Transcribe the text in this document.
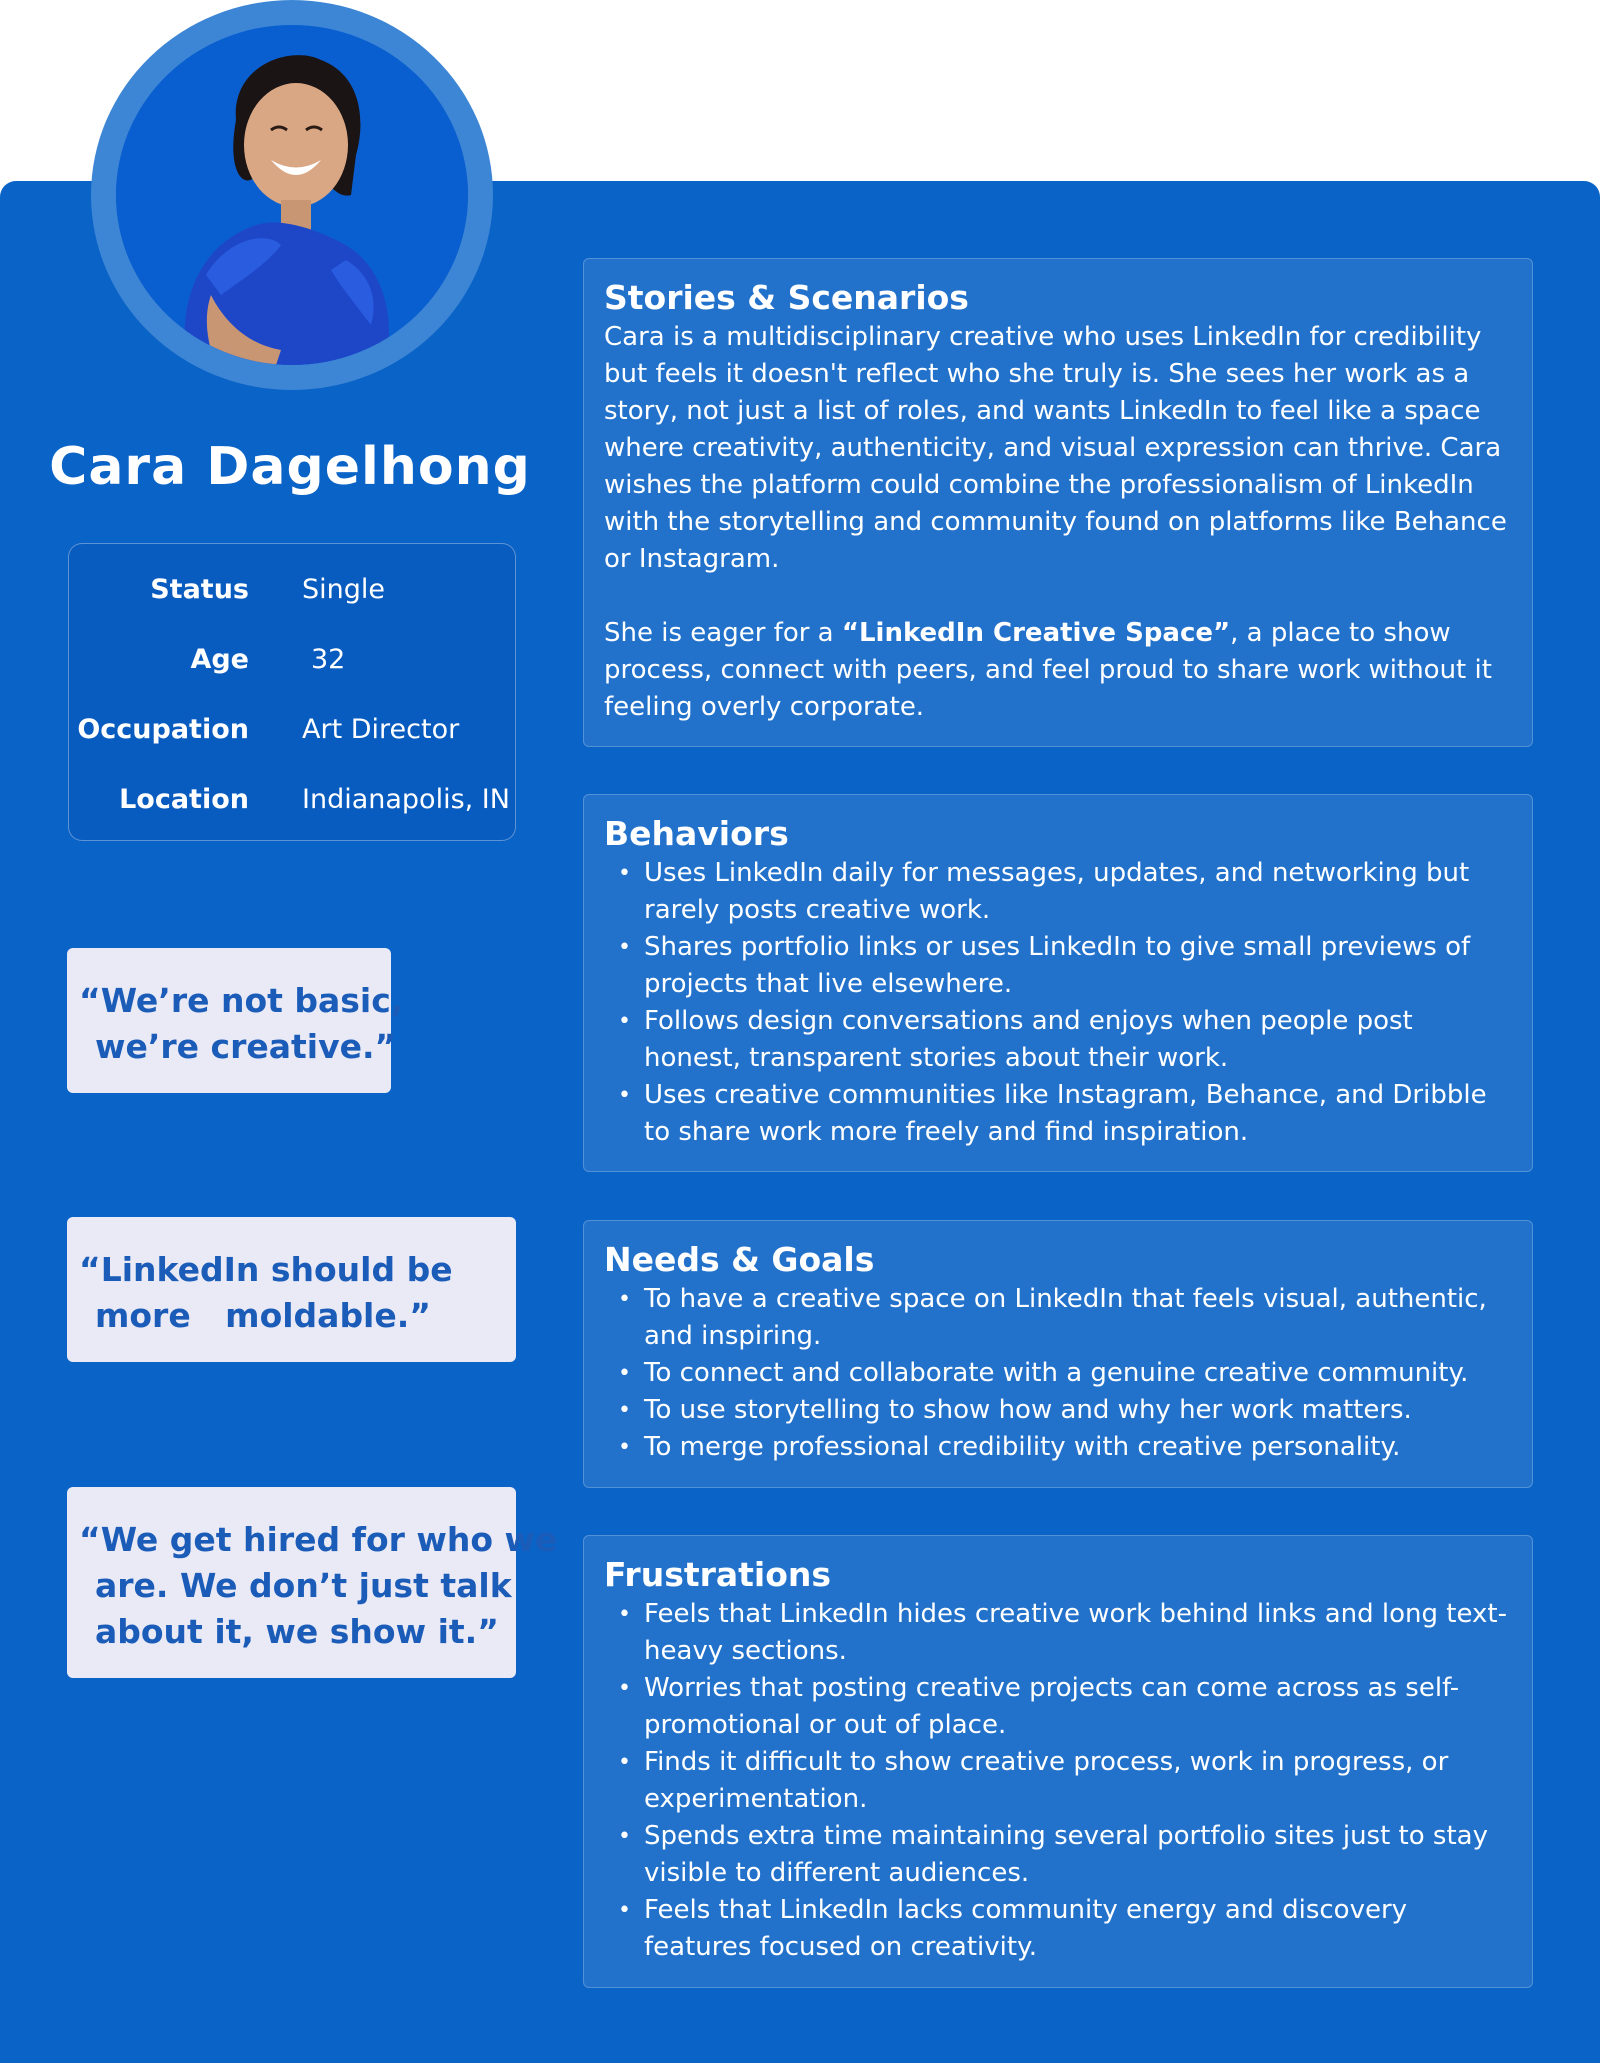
Cara Dagelhong
Status Single
Age 32
Occupation Art Director
Location Indianapolis, IN
“We’re not basic,
we’re creative.”
“LinkedIn should be
more   moldable.”
“We get hired for who we
are. We don’t just talk
about it, we show it.”
Stories & Scenarios

Cara is a multidisciplinary creative who uses LinkedIn for credibility but feels it doesn't reflect who she truly is. She sees her work as a story, not just a list of roles, and wants LinkedIn to feel like a space where creativity, authenticity, and visual expression can thrive. Cara wishes the platform could combine the professionalism of LinkedIn with the storytelling and community found on platforms like Behance or Instagram.

She is eager for a “LinkedIn Creative Space”, a place to show process, connect with peers, and feel proud to share work without it feeling overly corporate.

Behaviors
• Uses LinkedIn daily for messages, updates, and networking but rarely posts creative work.
• Shares portfolio links or uses LinkedIn to give small previews of projects that live elsewhere.
• Follows design conversations and enjoys when people post honest, transparent stories about their work.
• Uses creative communities like Instagram, Behance, and Dribble to share work more freely and find inspiration.
Needs & Goals
• To have a creative space on LinkedIn that feels visual, authentic, and inspiring.
• To connect and collaborate with a genuine creative community.
• To use storytelling to show how and why her work matters.
• To merge professional credibility with creative personality.
Frustrations
• Feels that LinkedIn hides creative work behind links and long text-heavy sections.
• Worries that posting creative projects can come across as self-promotional or out of place.
• Finds it difficult to show creative process, work in progress, or experimentation.
• Spends extra time maintaining several portfolio sites just to stay visible to different audiences.
• Feels that LinkedIn lacks community energy and discovery features focused on creativity.
